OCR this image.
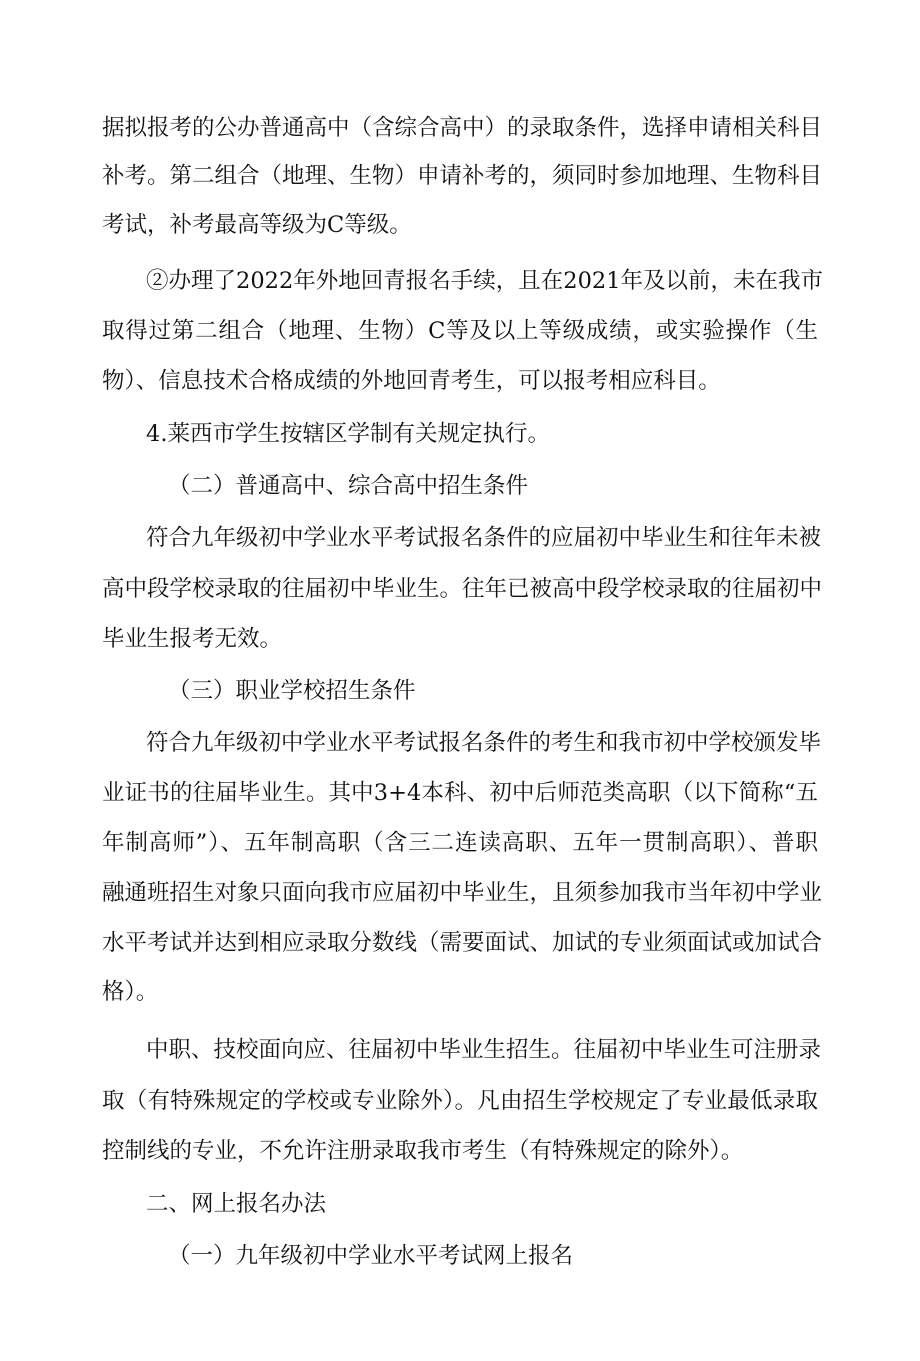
据拟报考的公办普通高中（含综合高中）的录取条件，选择申请相关科目
补考。第二组合（地理、生物）申请补考的，须同时参加地理、生物科目
考试，补考最高等级为C等级。
②办理了2022年外地回青报名手续，且在2021年及以前，未在我市
取得过第二组合（地理、生物）C等及以上等级成绩，或实验操作（生
物）、信息技术合格成绩的外地回青考生，可以报考相应科目。
4.莱西市学生按辖区学制有关规定执行。
（二）普通高中、综合高中招生条件
符合九年级初中学业水平考试报名条件的应届初中毕业生和往年未被
高中段学校录取的往届初中毕业生。往年已被高中段学校录取的往届初中
毕业生报考无效。
（三）职业学校招生条件
符合九年级初中学业水平考试报名条件的考生和我市初中学校颁发毕
业证书的往届毕业生。其中3+4本科、初中后师范类高职（以下简称“五
年制高师”）、五年制高职（含三二连读高职、五年一贯制高职）、普职
融通班招生对象只面向我市应届初中毕业生，且须参加我市当年初中学业
水平考试并达到相应录取分数线（需要面试、加试的专业须面试或加试合
格）。
中职、技校面向应、往届初中毕业生招生。往届初中毕业生可注册录
取（有特殊规定的学校或专业除外）。凡由招生学校规定了专业最低录取
控制线的专业，不允许注册录取我市考生（有特殊规定的除外）。
二、网上报名办法
（一）九年级初中学业水平考试网上报名
